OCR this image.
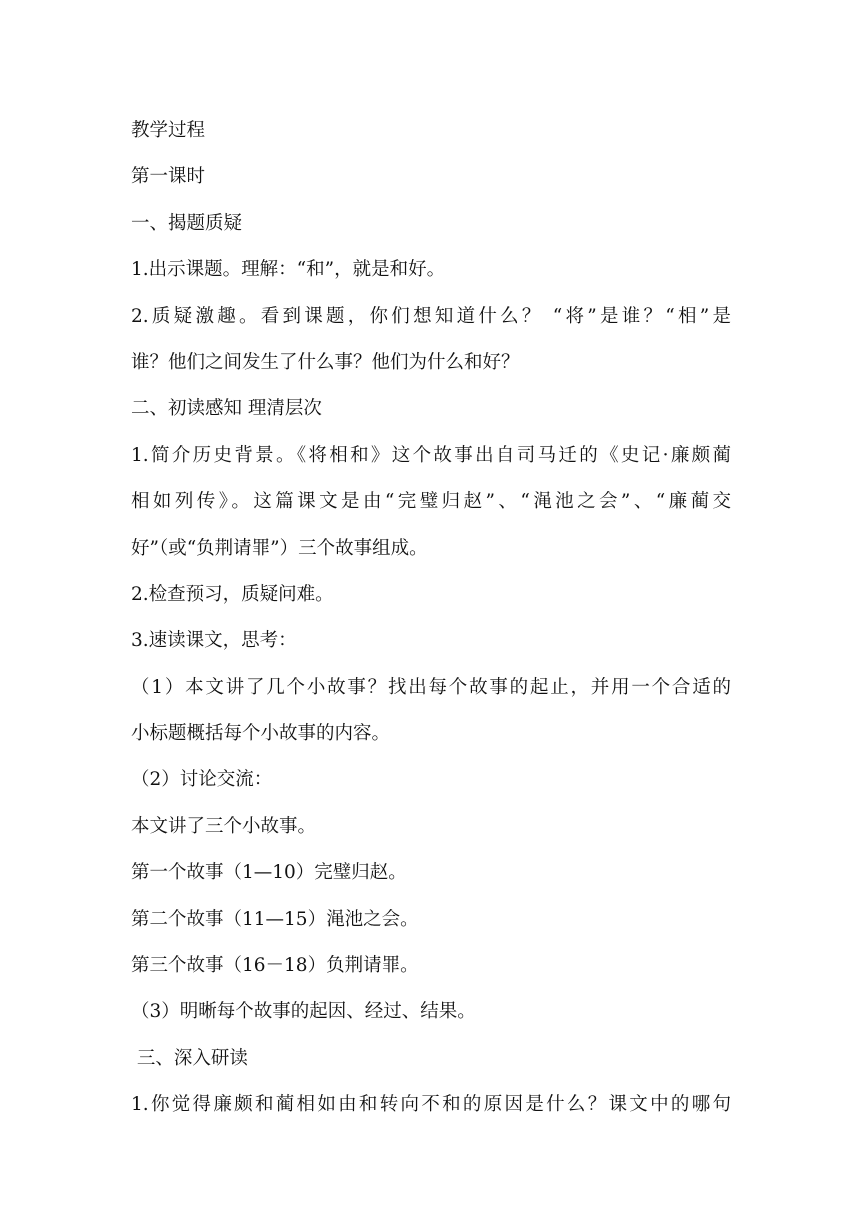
教学过程
第一课时
一、揭题质疑
1.出示课题。理解：“和”，就是和好。
2.质疑激趣。看到课题，你们想知道什么？ “将”是谁？“相”是
谁？他们之间发生了什么事？他们为什么和好？
二、初读感知 理清层次
1.简介历史背景。《将相和》这个故事出自司马迁的《史记·廉颇蔺
相如列传》。这篇课文是由“完璧归赵”、“渑池之会”、“廉蔺交
好”（或“负荆请罪”）三个故事组成。
2.检查预习，质疑问难。
3.速读课文，思考：
（1）本文讲了几个小故事？找出每个故事的起止，并用一个合适的
小标题概括每个小故事的内容。
（2）讨论交流：
本文讲了三个小故事。
第一个故事（1—10）完璧归赵。
第二个故事（11—15）渑池之会。
第三个故事（16－18）负荆请罪。
（3）明晰每个故事的起因、经过、结果。
三、深入研读
1.你觉得廉颇和蔺相如由和转向不和的原因是什么？课文中的哪句
